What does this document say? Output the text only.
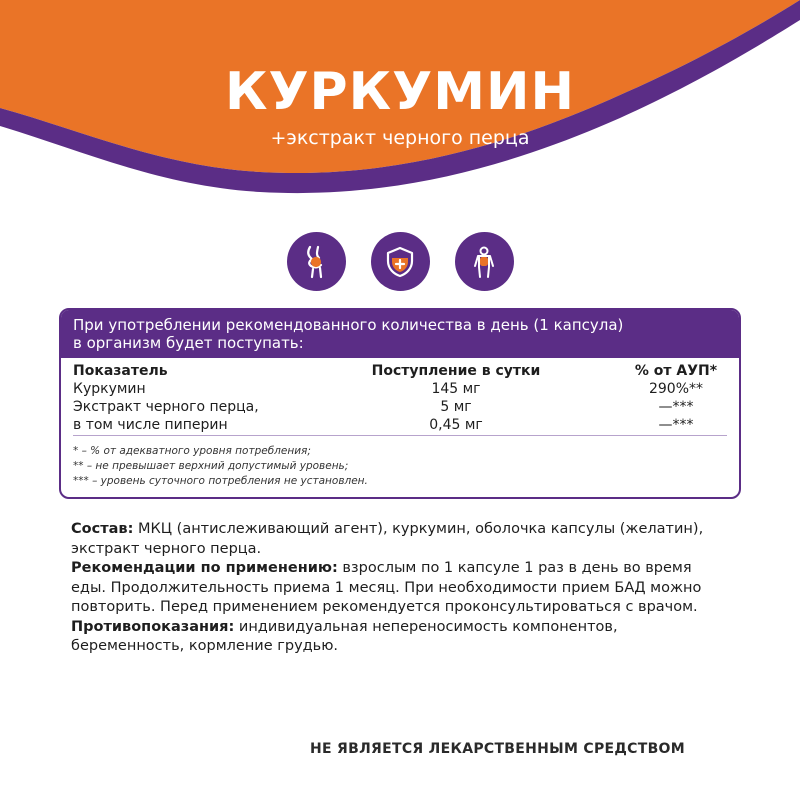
КУРКУМИН
+экстракт черного перца
При употреблении рекомендованного количества в день (1 капсула)
в организм будет поступать:
Показатель	Поступление в сутки	% от АУП*
Куркумин	145 мг	290%**
Экстракт черного перца,	5 мг	—***
в том числе пиперин	0,45 мг	—***
* – % от адекватного уровня потребления;
** – не превышает верхний допустимый уровень;
*** – уровень суточного потребления не установлен.

Состав: МКЦ (антислеживающий агент), куркумин, оболочка капсулы (желатин), экстракт черного перца.

Рекомендации по применению: взрослым по 1 капсуле 1 раз в день во время еды. Продолжительность приема 1 месяц. При необходимости прием БАД можно повторить. Перед применением рекомендуется проконсультироваться с врачом.

Противопоказания: индивидуальная непереносимость компонентов, беременность, кормление грудью.

НЕ ЯВЛЯЕТСЯ ЛЕКАРСТВЕННЫМ СРЕДСТВОМ
